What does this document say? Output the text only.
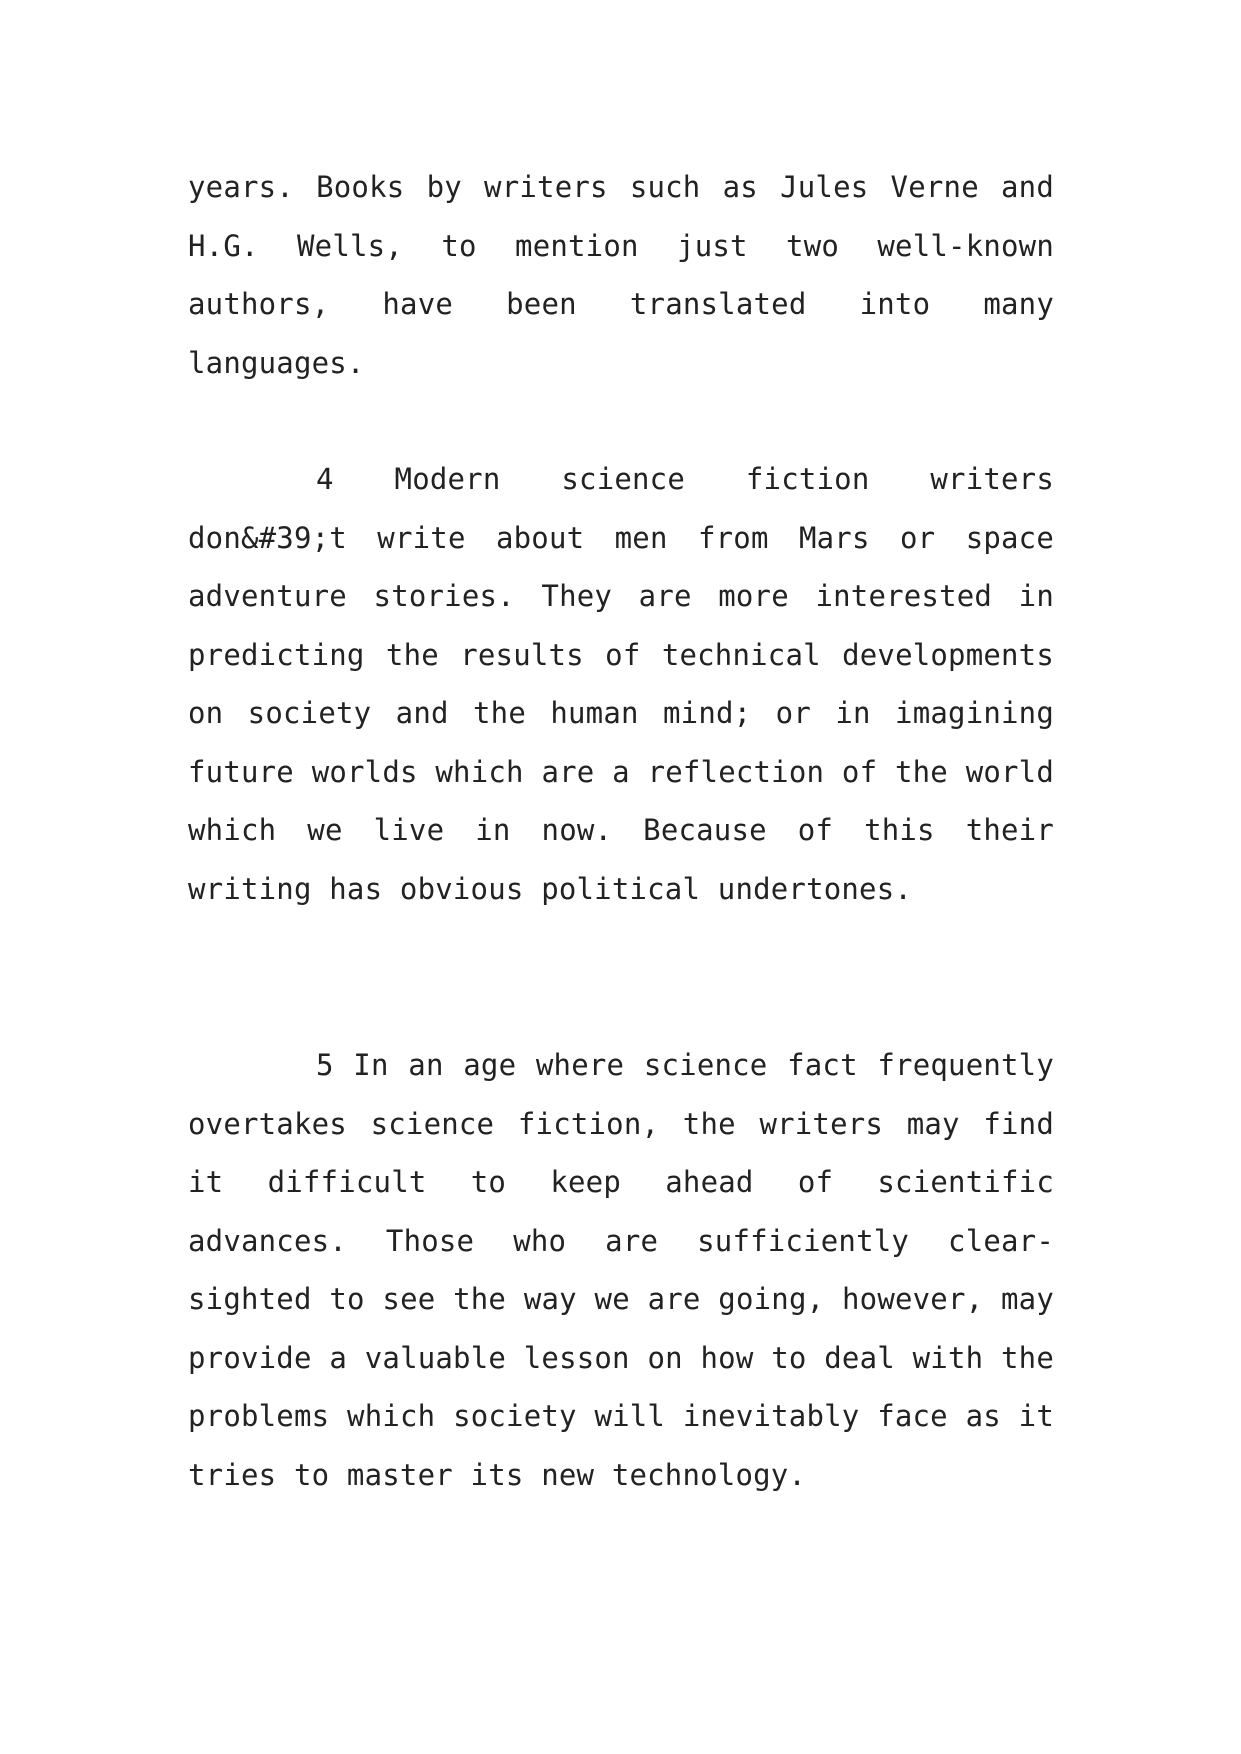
years. Books by writers such as Jules Verne and H.G. Wells, to mention just two well-known authors, have been translated into many languages.

4 Modern science fiction writers don&#39;t write about men from Mars or space adventure stories. They are more interested in predicting the results of technical developments on society and the human mind; or in imagining future worlds which are a reflection of the world which we live in now. Because of this their writing has obvious political undertones.

5 In an age where science fact frequently overtakes science fiction, the writers may find it difficult to keep ahead of scientific advances. Those who are sufficiently clear-sighted to see the way we are going, however, may provide a valuable lesson on how to deal with the problems which society will inevitably face as it tries to master its new technology.
